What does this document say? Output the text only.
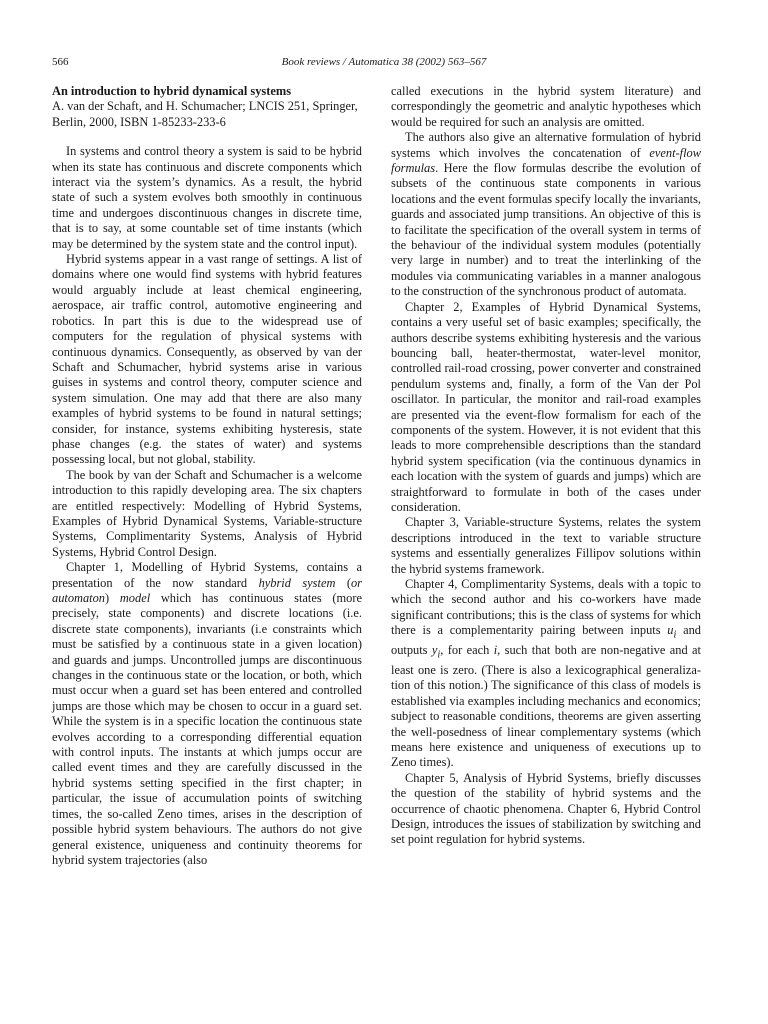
566	Book reviews / Automatica 38 (2002) 563–567

An introduction to hybrid dynamical systems

A. van der Schaft, and H. Schumacher; LNCIS 251, Springer, Berlin, 2000, ISBN 1-85233-233-6

In systems and control theory a system is said to be hybrid when its state has continuous and discrete components which interact via the system’s dynamics. As a result, the hybrid state of such a system evolves both smoothly in continuous time and undergoes discontinuous changes in discrete time, that is to say, at some countable set of time instants (which may be determined by the system state and the control input).

Hybrid systems appear in a vast range of settings. A list of domains where one would find systems with hybrid features would arguably include at least chemical engineering, aerospace, air traffic control, automotive engineering and robotics. In part this is due to the widespread use of computers for the regulation of physical systems with continuous dynamics. Consequently, as observed by van der Schaft and Schumacher, hybrid systems arise in various guises in systems and control theory, computer science and system simulation. One may add that there are also many examples of hybrid systems to be found in natural settings; consider, for instance, systems exhibiting hysteresis, state phase changes (e.g. the states of water) and systems possessing local, but not global, stability.

The book by van der Schaft and Schumacher is a welcome introduction to this rapidly developing area. The six chapters are entitled respectively: Modelling of Hybrid Systems, Examples of Hybrid Dynamical Systems, Variable-structure Systems, Complimentarity Systems, Analysis of Hybrid Systems, Hybrid Control Design.

Chapter 1, Modelling of Hybrid Systems, contains a presentation of the now standard hybrid system (or automaton) model which has continuous states (more precisely, state components) and discrete locations (i.e. discrete state components), invariants (i.e constraints which must be satisfied by a continuous state in a given location) and guards and jumps. Uncontrolled jumps are discontinuous changes in the continuous state or the location, or both, which must occur when a guard set has been entered and controlled jumps are those which may be chosen to occur in a guard set. While the system is in a specific location the continuous state evolves according to a corresponding differential equation with control inputs. The instants at which jumps occur are called event times and they are carefully discussed in the hybrid systems setting specified in the first chapter; in particular, the issue of accumulation points of switching times, the so-called Zeno times, arises in the description of possible hybrid system behaviours. The authors do not give general existence, uniqueness and continuity theorems for hybrid system trajectories (also

called executions in the hybrid system literature) and correspondingly the geometric and analytic hypotheses which would be required for such an analysis are omitted.

The authors also give an alternative formulation of hybrid systems which involves the concatenation of event-flow formulas. Here the flow formulas describe the evolution of subsets of the continuous state components in various locations and the event formulas specify locally the invariants, guards and associated jump transitions. An objective of this is to facilitate the specification of the overall system in terms of the behaviour of the individual system modules (potentially very large in number) and to treat the interlinking of the modules via communicating variables in a manner analogous to the construction of the synchronous product of automata.

Chapter 2, Examples of Hybrid Dynamical Systems, contains a very useful set of basic examples; specifically, the authors describe systems exhibiting hysteresis and the various bouncing ball, heater-thermostat, water-level monitor, controlled rail-road crossing, power converter and constrained pendulum systems and, finally, a form of the Van der Pol oscillator. In particular, the monitor and rail-road examples are presented via the event-flow formalism for each of the components of the system. However, it is not evident that this leads to more comprehensible descriptions than the standard hybrid system specification (via the continuous dynamics in each location with the system of guards and jumps) which are straightforward to formulate in both of the cases under consideration.

Chapter 3, Variable-structure Systems, relates the system descriptions introduced in the text to variable structure systems and essentially generalizes Fillipov solutions within the hybrid systems framework.

Chapter 4, Complimentarity Systems, deals with a topic to which the second author and his co-workers have made significant contributions; this is the class of systems for which there is a complementarity pairing between inputs $u_i$ and outputs $y_i$, for each i, such that both are non-negative and at least one is zero. (There is also a lexicographical generalization of this notion.) The significance of this class of models is established via examples including mechanics and economics; subject to reasonable conditions, theorems are given asserting the well-posedness of linear complementary systems (which means here existence and uniqueness of executions up to Zeno times).

Chapter 5, Analysis of Hybrid Systems, briefly discusses the question of the stability of hybrid systems and the occurrence of chaotic phenomena. Chapter 6, Hybrid Control Design, introduces the issues of stabilization by switching and set point regulation for hybrid systems.
